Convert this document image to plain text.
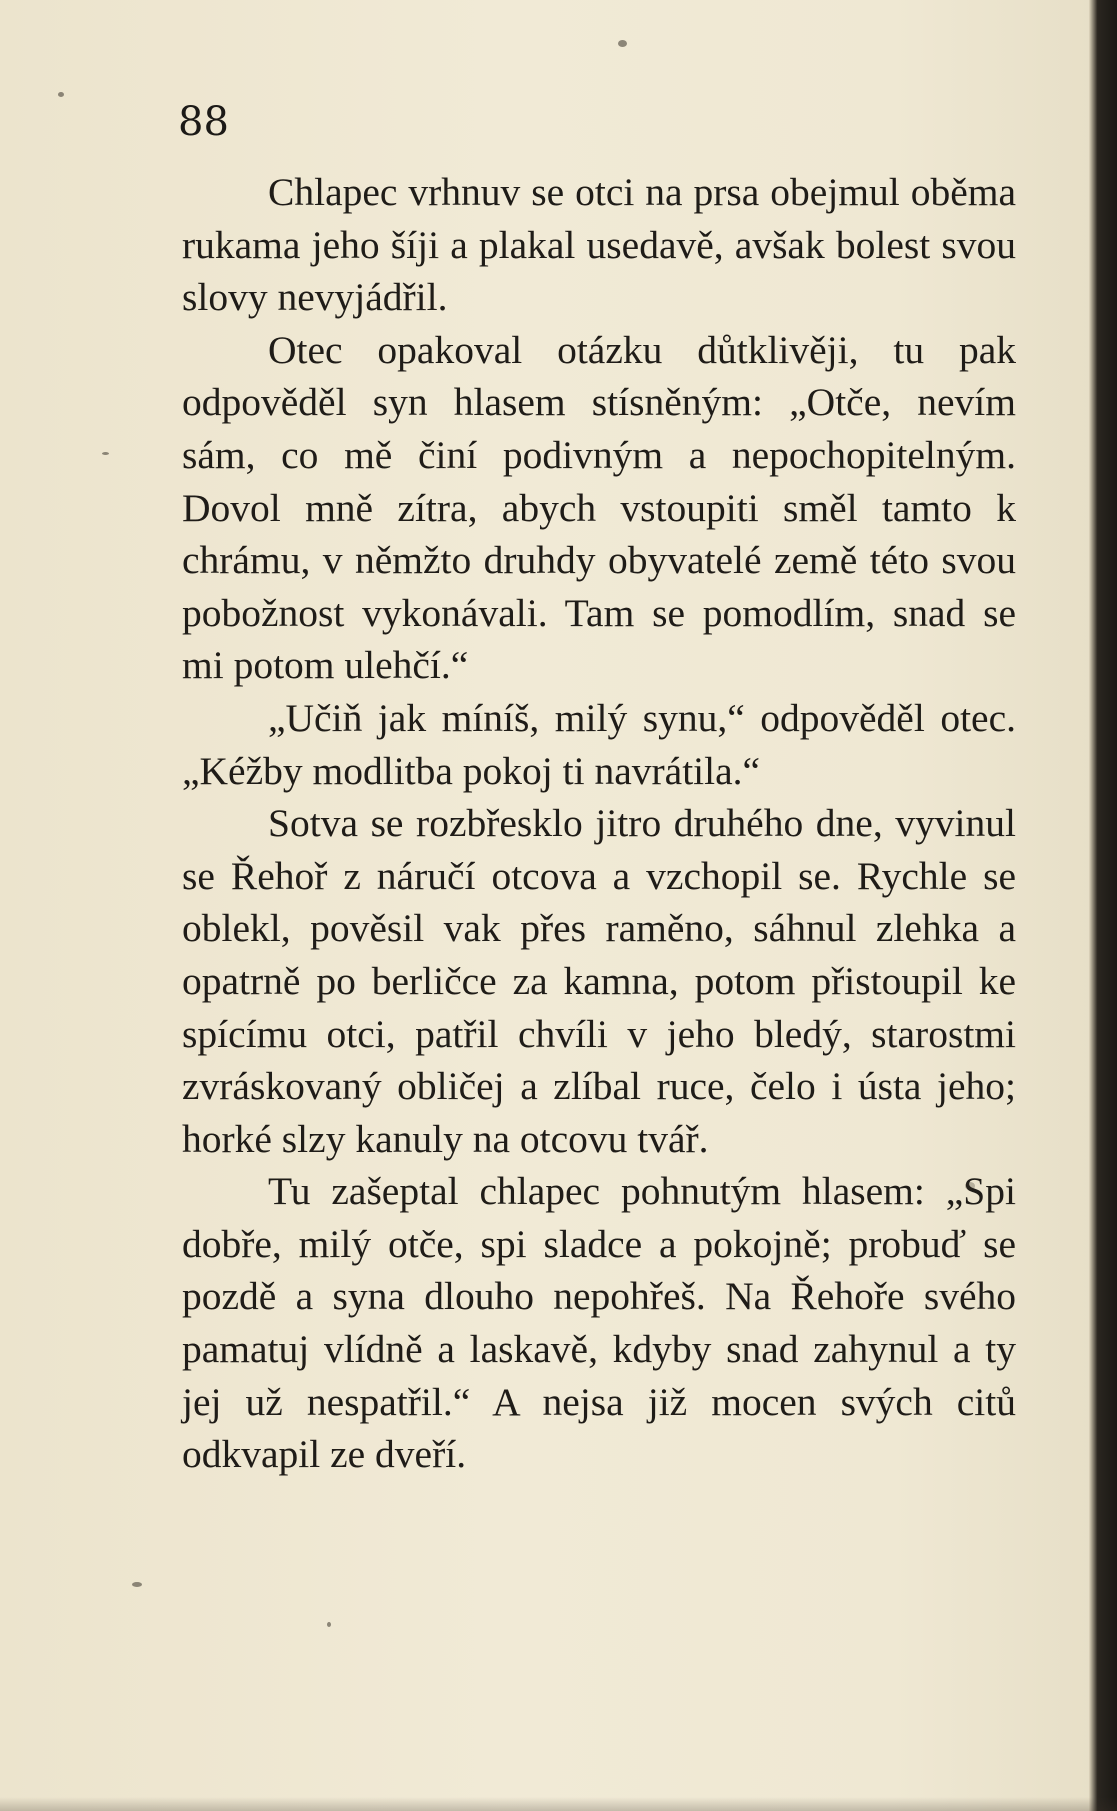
88

Chlapec vrhnuv se otci na prsa obejmul oběma rukama jeho šíji a plakal usedavě, avšak bolest svou slovy nevyjádřil.

Otec opakoval otázku důtklivěji, tu pak odpověděl syn hlasem stísněným: „Otče, nevím sám, co mě činí podivným a nepochopitelným. Dovol mně zítra, abych vstoupiti směl tamto k chrámu, v němžto druhdy obyvatelé země této svou pobožnost vykonávali. Tam se pomodlím, snad se mi potom ulehčí.“

„Učiň jak míníš, milý synu,“ odpověděl otec. „Kéžby modlitba pokoj ti navrátila.“

Sotva se rozbřesklo jitro druhého dne, vyvinul se Řehoř z náručí otcova a vzchopil se. Rychle se oblekl, pověsil vak přes raměno, sáhnul zlehka a opatrně po berličce za kamna, potom přistoupil ke spícímu otci, patřil chvíli v jeho bledý, starostmi zvráskovaný obličej a zlíbal ruce, čelo i ústa jeho; horké slzy kanuly na otcovu tvář.

Tu zašeptal chlapec pohnutým hlasem: „Spi dobře, milý otče, spi sladce a pokojně; probuď se pozdě a syna dlouho nepohřeš. Na Řehoře svého pamatuj vlídně a laskavě, kdyby snad zahynul a ty jej už nespatřil.“ A nejsa již mocen svých citů odkvapil ze dveří.
